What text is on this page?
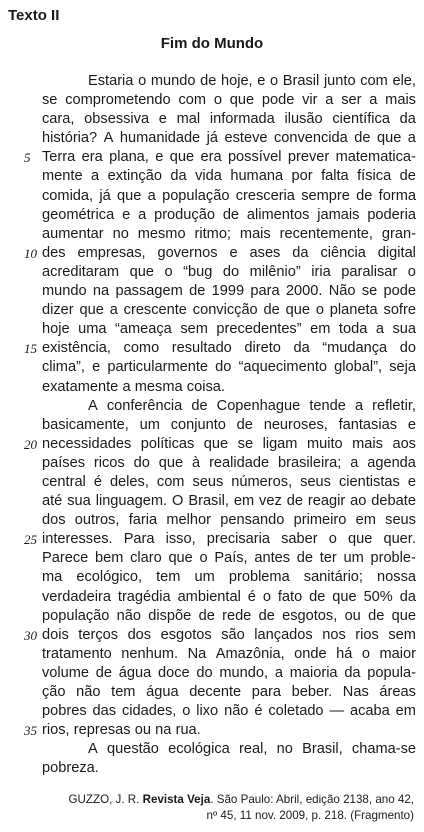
Texto II
Fim do Mundo
Estaria o mundo de hoje, e o Brasil junto com ele,
se comprometendo com o que pode vir a ser a mais
cara, obsessiva e mal informada ilusão científica da
história? A humanidade já esteve convencida de que a
Terra era plana, e que era possível prever matematica-
mente a extinção da vida humana por falta física de
comida, já que a população cresceria sempre de forma
geométrica e a produção de alimentos jamais poderia
aumentar no mesmo ritmo; mais recentemente, gran-
des empresas, governos e ases da ciência digital
acreditaram que o “bug do milênio” iria paralisar o
mundo na passagem de 1999 para 2000. Não se pode
dizer que a crescente convicção de que o planeta sofre
hoje uma “ameaça sem precedentes” em toda a sua
existência, como resultado direto da “mudança do
clima”, e particularmente do “aquecimento global”, seja
exatamente a mesma coisa.
A conferência de Copenhague tende a refletir,
basicamente, um conjunto de neuroses, fantasias e
necessidades políticas que se ligam muito mais aos
países ricos do que à realidade brasileira; a agenda
central é deles, com seus números, seus cientistas e
até sua linguagem. O Brasil, em vez de reagir ao debate
dos outros, faria melhor pensando primeiro em seus
interesses. Para isso, precisaria saber o que quer.
Parece bem claro que o País, antes de ter um proble-
ma ecológico, tem um problema sanitário; nossa
verdadeira tragédia ambiental é o fato de que 50% da
população não dispõe de rede de esgotos, ou de que
dois terços dos esgotos são lançados nos rios sem
tratamento nenhum. Na Amazônia, onde há o maior
volume de água doce do mundo, a maioria da popula-
ção não tem água decente para beber. Nas áreas
pobres das cidades, o lixo não é coletado — acaba em
rios, represas ou na rua.
A questão ecológica real, no Brasil, chama-se
pobreza.
5
10
15
20
25
30
35
GUZZO, J. R. Revista Veja. São Paulo: Abril, edição 2138, ano 42,
nº 45, 11 nov. 2009, p. 218. (Fragmento)
